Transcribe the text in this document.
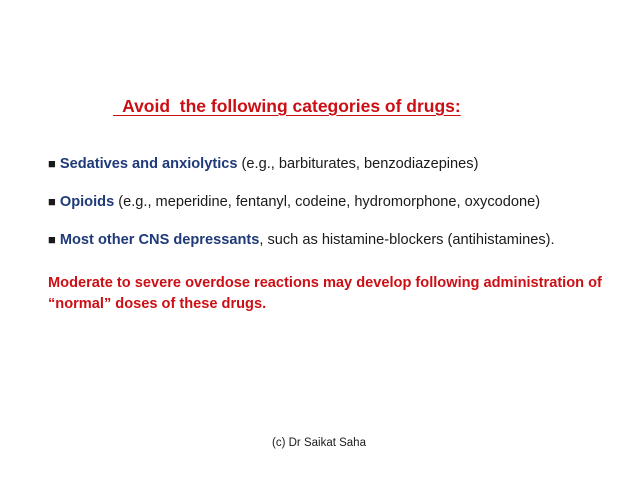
Avoid  the following categories of drugs:
■ Sedatives and anxiolytics (e.g., barbiturates, benzodiazepines)
■ Opioids (e.g., meperidine, fentanyl, codeine, hydromorphone, oxycodone)
■ Most other CNS depressants, such as histamine-blockers (antihistamines).
Moderate to severe overdose reactions may develop following administration of “normal” doses of these drugs.
(c) Dr Saikat Saha
